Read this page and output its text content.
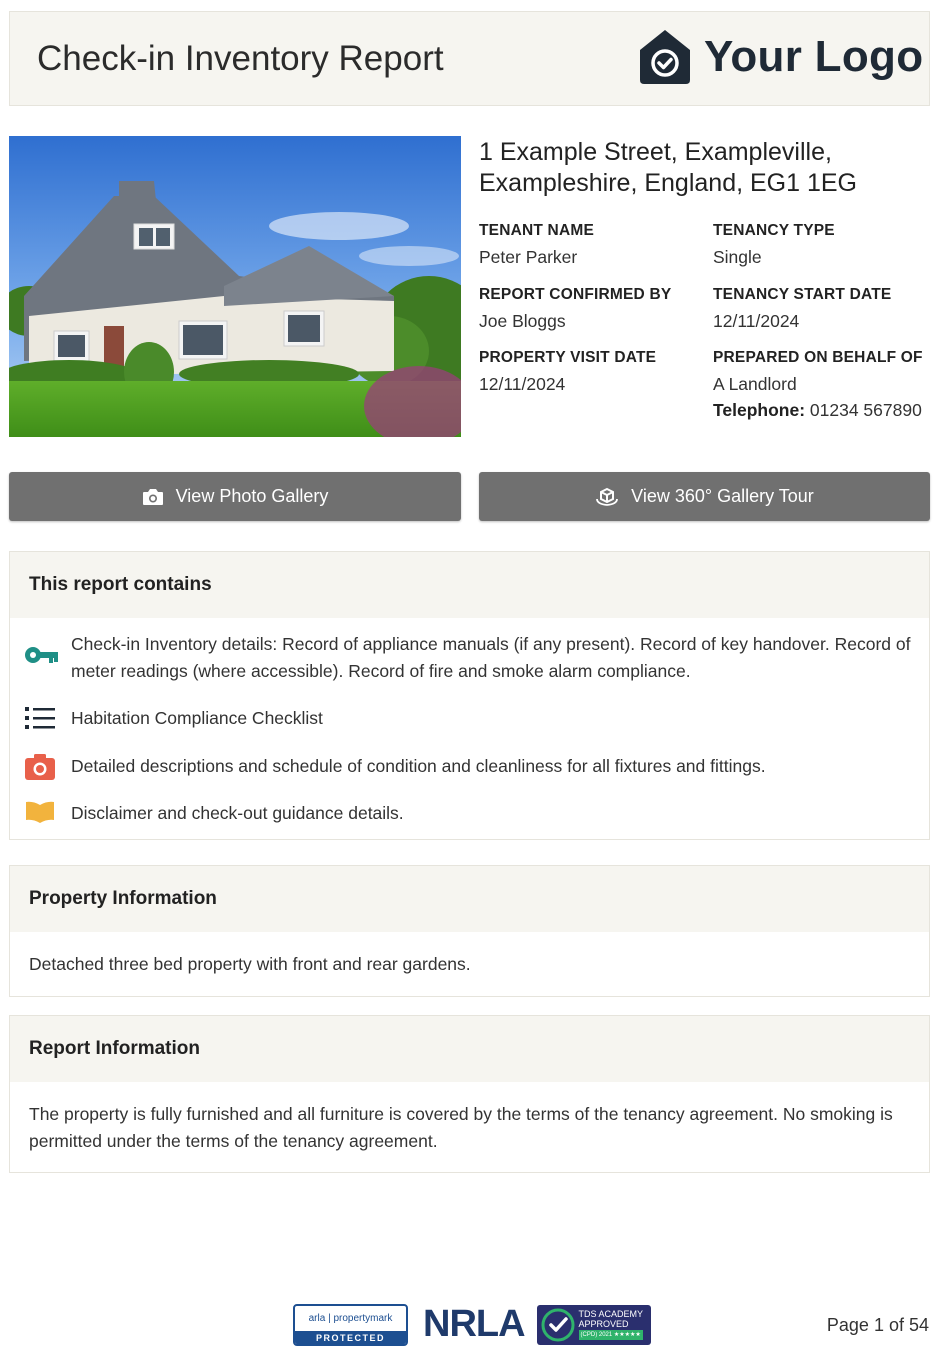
Check-in Inventory Report	Your Logo
1 Example Street, Exampleville,
Exampleshire, England, EG1 1EG
TENANT NAME
Peter Parker
TENANCY TYPE
Single
REPORT CONFIRMED BY
Joe Bloggs
TENANCY START DATE
12/11/2024
PROPERTY VISIT DATE
12/11/2024
PREPARED ON BEHALF OF
A Landlord
Telephone: 01234 567890
View Photo Gallery	View 360° Gallery Tour
This report contains
Check-in Inventory details: Record of appliance manuals (if any present). Record of key handover. Record of meter readings (where accessible). Record of fire and smoke alarm compliance.
Habitation Compliance Checklist
Detailed descriptions and schedule of condition and cleanliness for all fixtures and fittings.
Disclaimer and check-out guidance details.
Property Information
Detached three bed property with front and rear gardens.
Report Information
The property is fully furnished and all furniture is covered by the terms of the tenancy agreement. No smoking is permitted under the terms of the tenancy agreement.
arla | propertymark
PROTECTED	NRLA	TDS ACADEMY
APPROVED
(CPD) 2021 ★★★★★	Page 1 of 54
